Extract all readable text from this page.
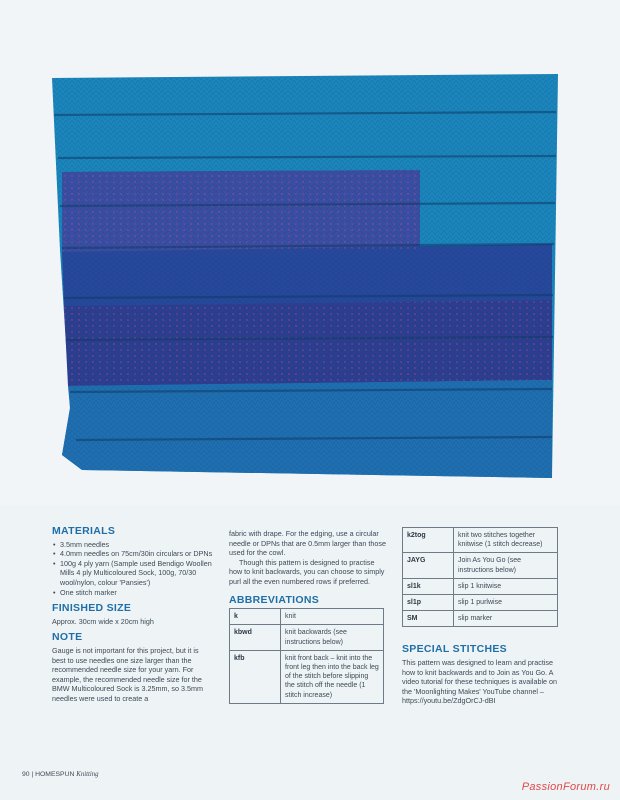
MATERIALS
• 3.5mm needles
• 4.0mm needles on 75cm/30in circulars or DPNs
• 100g 4 ply yarn (Sample used Bendigo Woollen Mills 4 ply Multicoloured Sock, 100g, 70/30 wool/nylon, colour 'Pansies')
• One stitch marker
FINISHED SIZE

Approx. 30cm wide x 20cm high

NOTE

Gauge is not important for this project, but it is best to use needles one size larger than the recommended needle size for your yarn. For example, the recommended needle size for the BMW Multicoloured Sock is 3.25mm, so 3.5mm needles were used to create a

fabric with drape. For the edging, use a circular needle or DPNs that are 0.5mm larger than those used for the cowl.

Though this pattern is designed to practise how to knit backwards, you can choose to simply purl all the even numbered rows if preferred.

ABBREVIATIONS
k	knit
kbwd	knit backwards (see instructions below)
kfb	knit front back – knit into the front leg then into the back leg of the stitch before slipping the stitch off the needle (1 stitch increase)
k2tog	knit two stitches together knitwise (1 stitch decrease)
JAYG	Join As You Go (see instructions below)
sl1k	slip 1 knitwise
sl1p	slip 1 purlwise
SM	slip marker
SPECIAL STITCHES

This pattern was designed to learn and practise how to knit backwards and to Join as You Go. A video tutorial for these techniques is available on the 'Moonlighting Makes' YouTube channel – https://youtu.be/ZdgOrCJ-dBI

90 | HOMESPUN Knitting
PassionForum.ru
